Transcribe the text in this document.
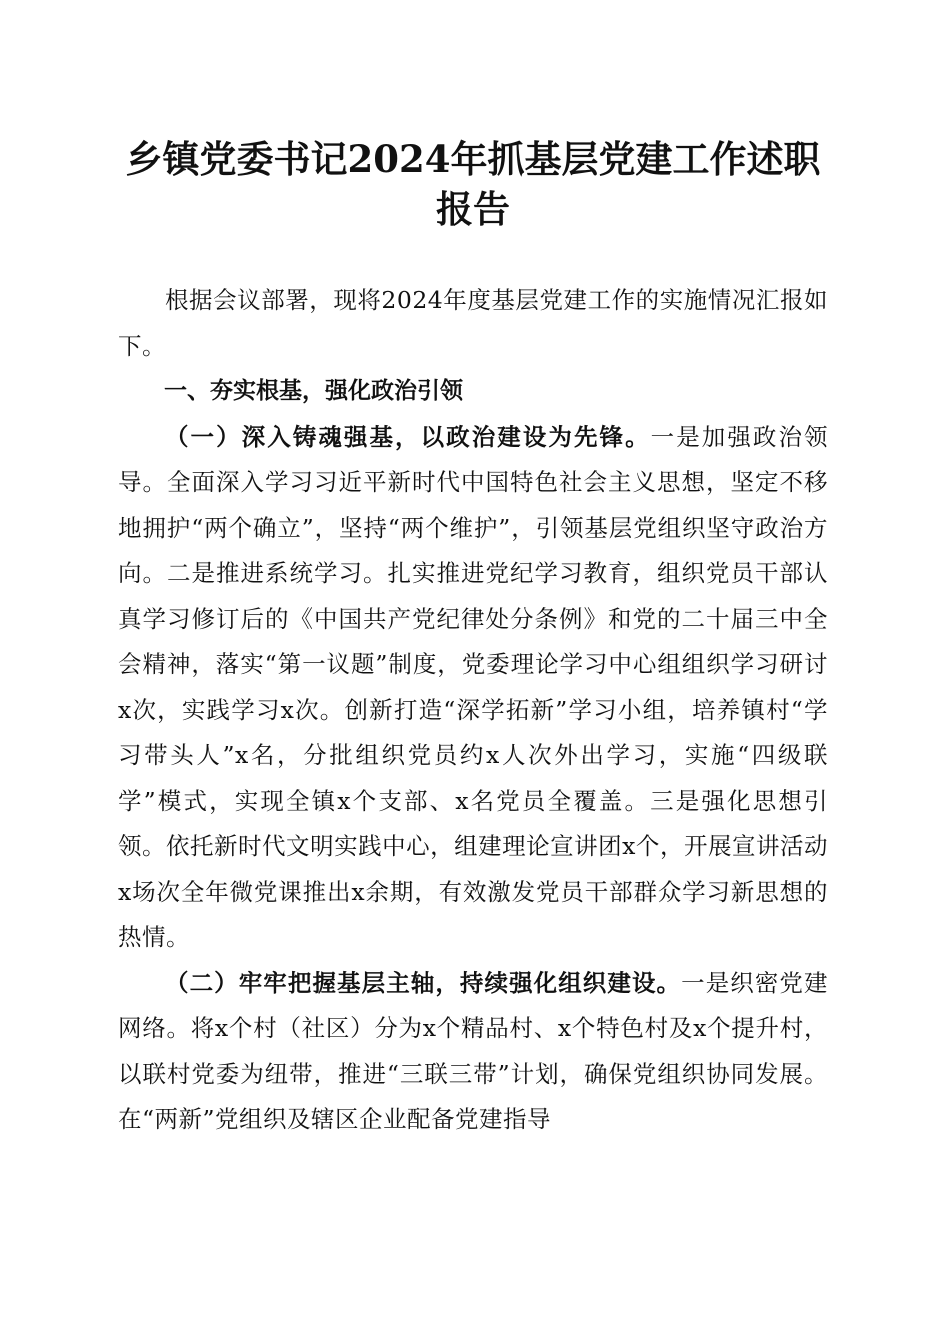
乡镇党委书记2024年抓基层党建工作述职报告

根据会议部署，现将2024年度基层党建工作的实施情况汇报如下。

一、夯实根基，强化政治引领

（一）深入铸魂强基，以政治建设为先锋。一是加强政治领导。全面深入学习习近平新时代中国特色社会主义思想，坚定不移地拥护“两个确立”，坚持“两个维护”，引领基层党组织坚守政治方向。二是推进系统学习。扎实推进党纪学习教育，组织党员干部认真学习修订后的《中国共产党纪律处分条例》和党的二十届三中全会精神，落实“第一议题”制度，党委理论学习中心组组织学习研讨x次，实践学习x次。创新打造“深学拓新”学习小组，培养镇村“学习带头人”x名，分批组织党员约x人次外出学习，实施“四级联学”模式，实现全镇x个支部、x名党员全覆盖。三是强化思想引领。依托新时代文明实践中心，组建理论宣讲团x个，开展宣讲活动x场次全年微党课推出x余期，有效激发党员干部群众学习新思想的热情。

（二）牢牢把握基层主轴，持续强化组织建设。一是织密党建网络。将x个村（社区）分为x个精品村、x个特色村及x个提升村，以联村党委为纽带，推进“三联三带”计划，确保党组织协同发展。在“两新”党组织及辖区企业配备党建指导
